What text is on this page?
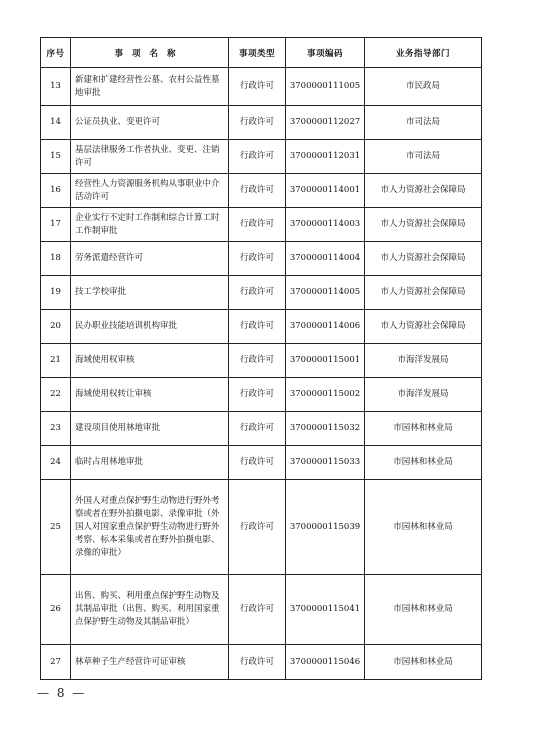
序号	事项名称	事项类型	事项编码	业务指导部门
13	新建和扩建经营性公墓、农村公益性墓地审批	行政许可	3700000111005	市民政局
14	公证员执业、变更许可	行政许可	3700000112027	市司法局
15	基层法律服务工作者执业、变更、注销许可	行政许可	3700000112031	市司法局
16	经营性人力资源服务机构从事职业中介活动许可	行政许可	3700000114001	市人力资源社会保障局
17	企业实行不定时工作制和综合计算工时工作制审批	行政许可	3700000114003	市人力资源社会保障局
18	劳务派遣经营许可	行政许可	3700000114004	市人力资源社会保障局
19	技工学校审批	行政许可	3700000114005	市人力资源社会保障局
20	民办职业技能培训机构审批	行政许可	3700000114006	市人力资源社会保障局
21	海域使用权审核	行政许可	3700000115001	市海洋发展局
22	海域使用权转让审核	行政许可	3700000115002	市海洋发展局
23	建设项目使用林地审批	行政许可	3700000115032	市园林和林业局
24	临时占用林地审批	行政许可	3700000115033	市园林和林业局
25	外国人对重点保护野生动物进行野外考察或者在野外拍摄电影、录像审批（外国人对国家重点保护野生动物进行野外考察、标本采集或者在野外拍摄电影、录像的审批）	行政许可	3700000115039	市园林和林业局
26	出售、购买、利用重点保护野生动物及其制品审批（出售、购买、利用国家重点保护野生动物及其制品审批）	行政许可	3700000115041	市园林和林业局
27	林草种子生产经营许可证审核	行政许可	3700000115046	市园林和林业局
— 8 —
